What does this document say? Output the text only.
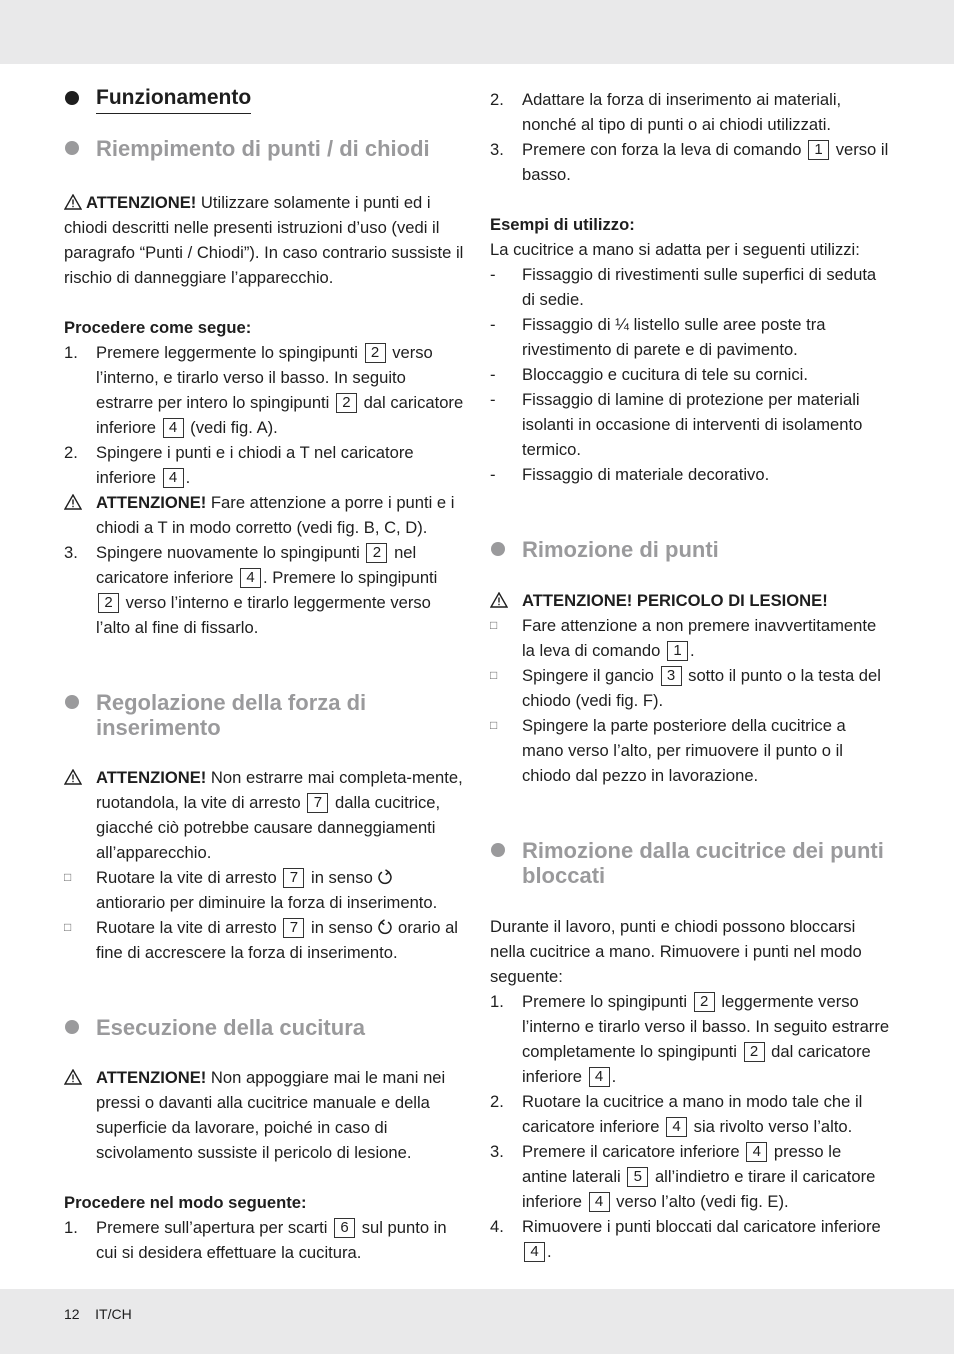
Funzionamento
Riempimento di punti / di chiodi

ATTENZIONE! Utilizzare solamente i punti ed i chiodi descritti nelle presenti istruzioni d’uso (vedi il paragrafo “Punti / Chiodi”). In caso contrario sussiste il rischio di danneggiare l’apparecchio.

Procedere come segue:

1. Premere leggermente lo spingipunti 2 verso l’interno, e tirarlo verso il basso. In seguito estrarre per intero lo spingipunti 2 dal caricatore inferiore 4 (vedi fig. A).
2. Spingere i punti e i chiodi a T nel caricatore inferiore 4 .
ATTENZIONE! Fare attenzione a porre i punti e i chiodi a T in modo corretto (vedi fig. B, C, D).
3. Spingere nuovamente lo spingipunti 2 nel caricatore inferiore 4 . Premere lo spingipunti 2 verso l’interno e tirarlo leggermente verso l’alto al fine di fissarlo.
Regolazione della forza di inserimento
ATTENZIONE! Non estrarre mai completa-mente, ruotandola, la vite di arresto 7 dalla cucitrice, giacché ciò potrebbe causare danneggiamenti all’apparecchio.
□ Ruotare la vite di arresto 7 in senso  antiorario per diminuire la forza di inserimento.
□ Ruotare la vite di arresto 7 in senso  orario al fine di accrescere la forza di inserimento.
Esecuzione della cucitura
ATTENZIONE! Non appoggiare mai le mani nei pressi o davanti alla cucitrice manuale e della superficie da lavorare, poiché in caso di scivolamento sussiste il pericolo di lesione.

Procedere nel modo seguente:

1. Premere sull’apertura per scarti 6 sul punto in cui si desidera effettuare la cucitura.
2. Adattare la forza di inserimento ai materiali, nonché al tipo di punti o ai chiodi utilizzati.
3. Premere con forza la leva di comando 1 verso il basso.

Esempi di utilizzo:

La cucitrice a mano si adatta per i seguenti utilizzi:

- Fissaggio di rivestimenti sulle superfici di seduta di sedie.
- Fissaggio di ¼ listello sulle aree poste tra rivestimento di parete e di pavimento.
- Bloccaggio e cucitura di tele su cornici.
- Fissaggio di lamine di protezione per materiali isolanti in occasione di interventi di isolamento termico.
- Fissaggio di materiale decorativo.
Rimozione di punti
ATTENZIONE! PERICOLO DI LESIONE!
□ Fare attenzione a non premere inavvertitamente la leva di comando 1 .
□ Spingere il gancio 3 sotto il punto o la testa del chiodo (vedi fig. F).
□ Spingere la parte posteriore della cucitrice a mano verso l’alto, per rimuovere il punto o il chiodo dal pezzo in lavorazione.
Rimozione dalla cucitrice dei punti bloccati

Durante il lavoro, punti e chiodi possono bloccarsi nella cucitrice a mano. Rimuovere i punti nel modo seguente:

1. Premere lo spingipunti 2 leggermente verso l’interno e tirarlo verso il basso. In seguito estrarre completamente lo spingipunti 2 dal caricatore inferiore 4 .
2. Ruotare la cucitrice a mano in modo tale che il caricatore inferiore 4 sia rivolto verso l’alto.
3. Premere il caricatore inferiore 4 presso le antine laterali 5 all’indietro e tirare il caricatore inferiore 4 verso l’alto (vedi fig. E).
4. Rimuovere i punti bloccati dal caricatore inferiore 4 .
12 IT/CH
